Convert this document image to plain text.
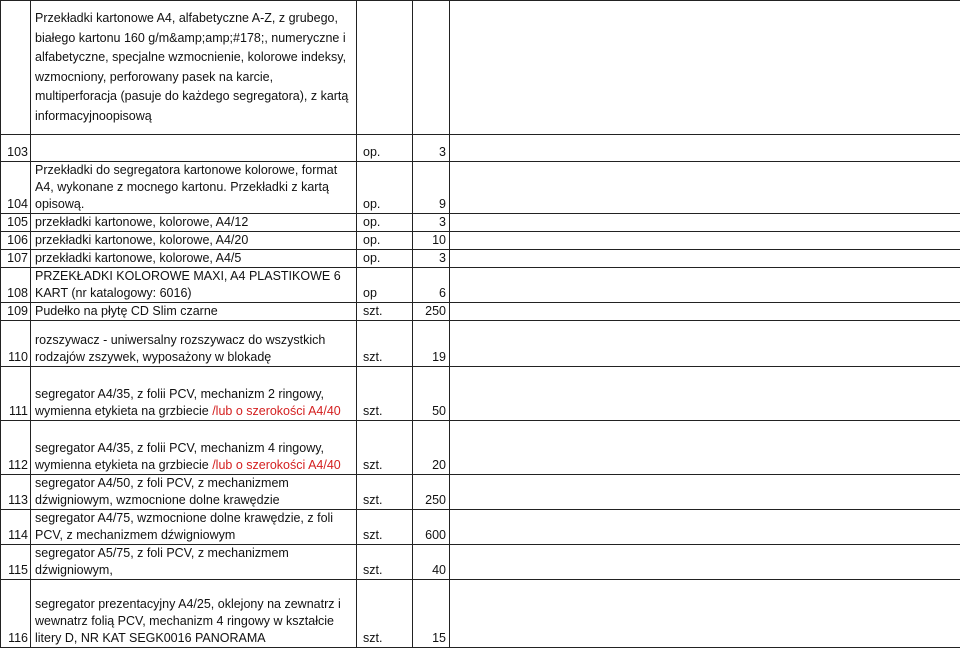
	Przekładki kartonowe A4, alfabetyczne A-Z, z grubego, białego kartonu 160 g/m&amp;amp;#178;, numeryczne i alfabetyczne, specjalne wzmocnienie, kolorowe indeksy, wzmocniony, perforowany pasek na karcie, multiperforacja (pasuje do każdego segregatora), z kartą informacyjnoopisową			
103		op.	3	
104	Przekładki do segregatora kartonowe kolorowe, format A4, wykonane z mocnego kartonu. Przekładki z kartą opisową.	op.	9	
105	przekładki kartonowe, kolorowe, A4/12	op.	3	
106	przekładki kartonowe, kolorowe, A4/20	op.	10	
107	przekładki kartonowe, kolorowe, A4/5	op.	3	
108	PRZEKŁADKI KOLOROWE MAXI, A4 PLASTIKOWE 6 KART (nr katalogowy: 6016)	op	6	
109	Pudełko na płytę CD Slim czarne	szt.	250	
110	rozszywacz - uniwersalny rozszywacz do wszystkich rodzajów zszywek, wyposażony w blokadę	szt.	19	
111	segregator A4/35, z folii PCV, mechanizm 2 ringowy, wymienna etykieta na grzbiecie /lub o szerokości A4/40	szt.	50	
112	segregator A4/35, z folii PCV, mechanizm 4 ringowy, wymienna etykieta na grzbiecie /lub o szerokości A4/40	szt.	20	
113	segregator A4/50, z foli PCV, z mechanizmem dźwigniowym, wzmocnione dolne krawędzie	szt.	250	
114	segregator A4/75, wzmocnione dolne krawędzie, z foli PCV, z mechanizmem dźwigniowym	szt.	600	
115	segregator A5/75, z foli PCV, z mechanizmem dźwigniowym,	szt.	40	
116	segregator prezentacyjny A4/25, oklejony na zewnatrz i wewnatrz folią PCV, mechanizm 4 ringowy w kształcie litery D, NR KAT SEGK0016 PANORAMA	szt.	15	
